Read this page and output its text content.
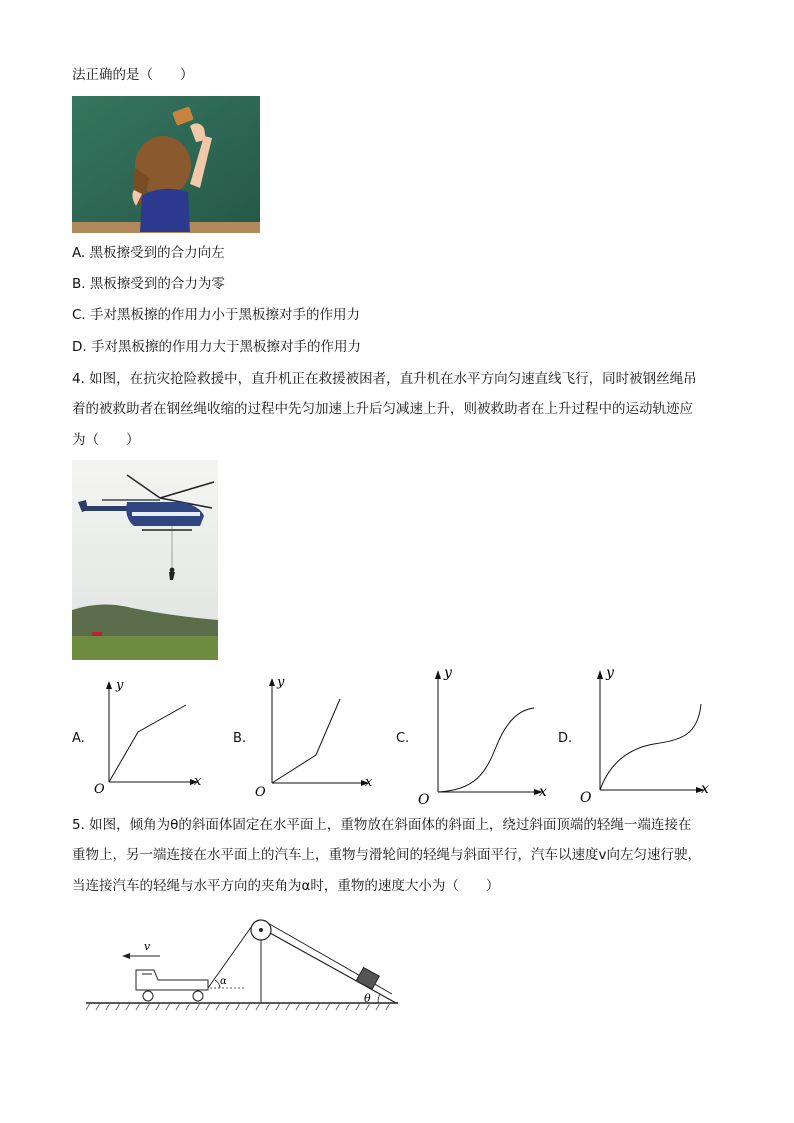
法正确的是（　　）
A. 黑板擦受到的合力向左
B. 黑板擦受到的合力为零
C. 手对黑板擦的作用力小于黑板擦对手的作用力
D. 手对黑板擦的作用力大于黑板擦对手的作用力
4. 如图，在抗灾抢险救援中，直升机正在救援被困者，直升机在水平方向匀速直线飞行，同时被钢丝绳吊
着的被救助者在钢丝绳收缩的过程中先匀加速上升后匀减速上升，则被救助者在上升过程中的运动轨迹应
为（　　）
A.
y
x
O
B.
y
x
O
C.
y
x
O
D.
y
x
O
5. 如图，倾角为θ的斜面体固定在水平面上，重物放在斜面体的斜面上，绕过斜面顶端的轻绳一端连接在
重物上，另一端连接在水平面上的汽车上，重物与滑轮间的轻绳与斜面平行，汽车以速度v向左匀速行驶，
当连接汽车的轻绳与水平方向的夹角为α时，重物的速度大小为（　　）
θ
α
v
